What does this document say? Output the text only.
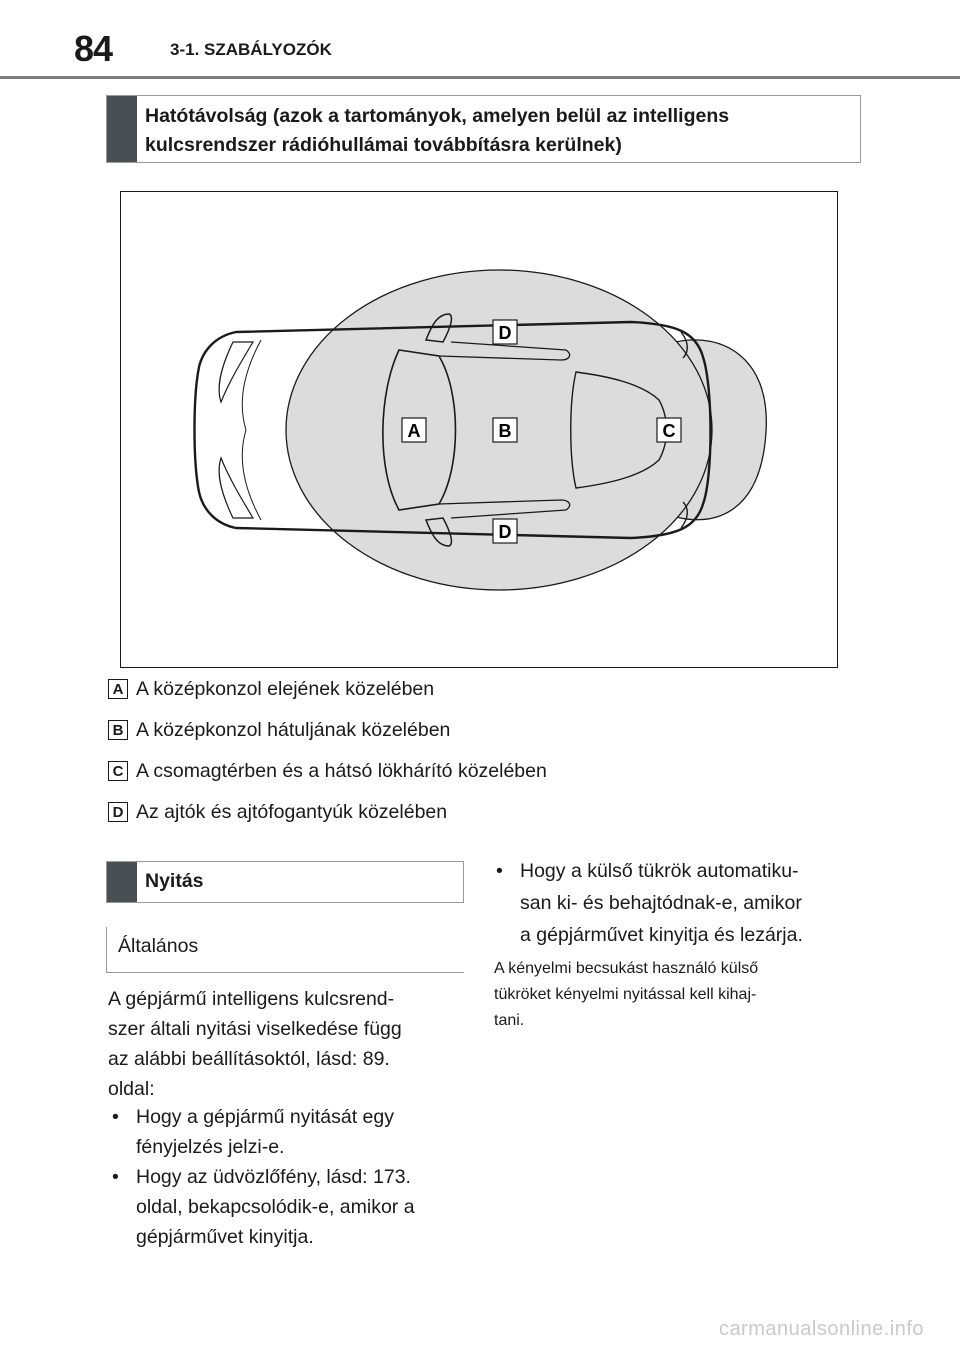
84	3-1. SZABÁLYOZÓK
Hatótávolság (azok a tartományok, amelyen belül az intelligens
kulcsrendszer rádióhullámai továbbításra kerülnek)
D
A	B	C
D
A A középkonzol elejének közelében
B A középkonzol hátuljának közelében
C A csomagtérben és a hátsó lökhárító közelében
D Az ajtók és ajtófogantyúk közelében
Nyitás
Általános
A gépjármű intelligens kulcsrend-
szer általi nyitási viselkedése függ
az alábbi beállításoktól, lásd: 89.
oldal:
• Hogy a gépjármű nyitását egy
fényjelzés jelzi-e.
• Hogy az üdvözlőfény, lásd: 173.
oldal, bekapcsolódik-e, amikor a
gépjárművet kinyitja.
• Hogy a külső tükrök automatiku-
san ki- és behajtódnak-e, amikor
a gépjárművet kinyitja és lezárja.
A kényelmi becsukást használó külső
tükröket kényelmi nyitással kell kihaj-
tani.
carmanualsonline.info
